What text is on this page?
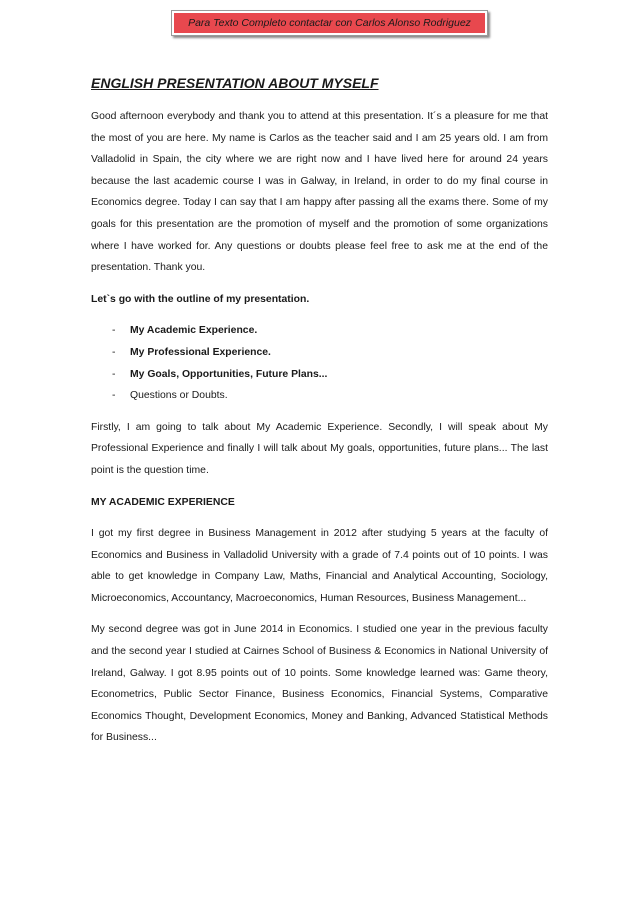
Para Texto Completo contactar con Carlos Alonso Rodriguez
ENGLISH PRESENTATION ABOUT MYSELF

Good afternoon everybody and thank you to attend at this presentation. It´s a pleasure for me that the most of you are here. My name is Carlos as the teacher said and I am 25 years old. I am from Valladolid in Spain, the city where we are right now and I have lived here for around 24 years because the last academic course I was in Galway, in Ireland, in order to do my final course in Economics degree. Today I can say that I am happy after passing all the exams there. Some of my goals for this presentation are the promotion of myself and the promotion of some organizations where I have worked for. Any questions or doubts please feel free to ask me at the end of the presentation. Thank you.

Let`s go with the outline of my presentation.

-	My Academic Experience.
-	My Professional Experience.
-	My Goals, Opportunities, Future Plans...
-	Questions or Doubts.

Firstly, I am going to talk about My Academic Experience. Secondly, I will speak about My Professional Experience and finally I will talk about My goals, opportunities, future plans... The last point is the question time.

MY ACADEMIC EXPERIENCE

I got my first degree in Business Management in 2012 after studying 5 years at the faculty of Economics and Business in Valladolid University with a grade of 7.4 points out of 10 points. I was able to get knowledge in Company Law, Maths, Financial and Analytical Accounting, Sociology, Microeconomics, Accountancy, Macroeconomics, Human Resources, Business Management...

My second degree was got in June 2014 in Economics. I studied one year in the previous faculty and the second year I studied at Cairnes School of Business & Economics in National University of Ireland, Galway. I got 8.95 points out of 10 points. Some knowledge learned was: Game theory, Econometrics, Public Sector Finance, Business Economics, Financial Systems, Comparative Economics Thought, Development Economics, Money and Banking, Advanced Statistical Methods for Business...
